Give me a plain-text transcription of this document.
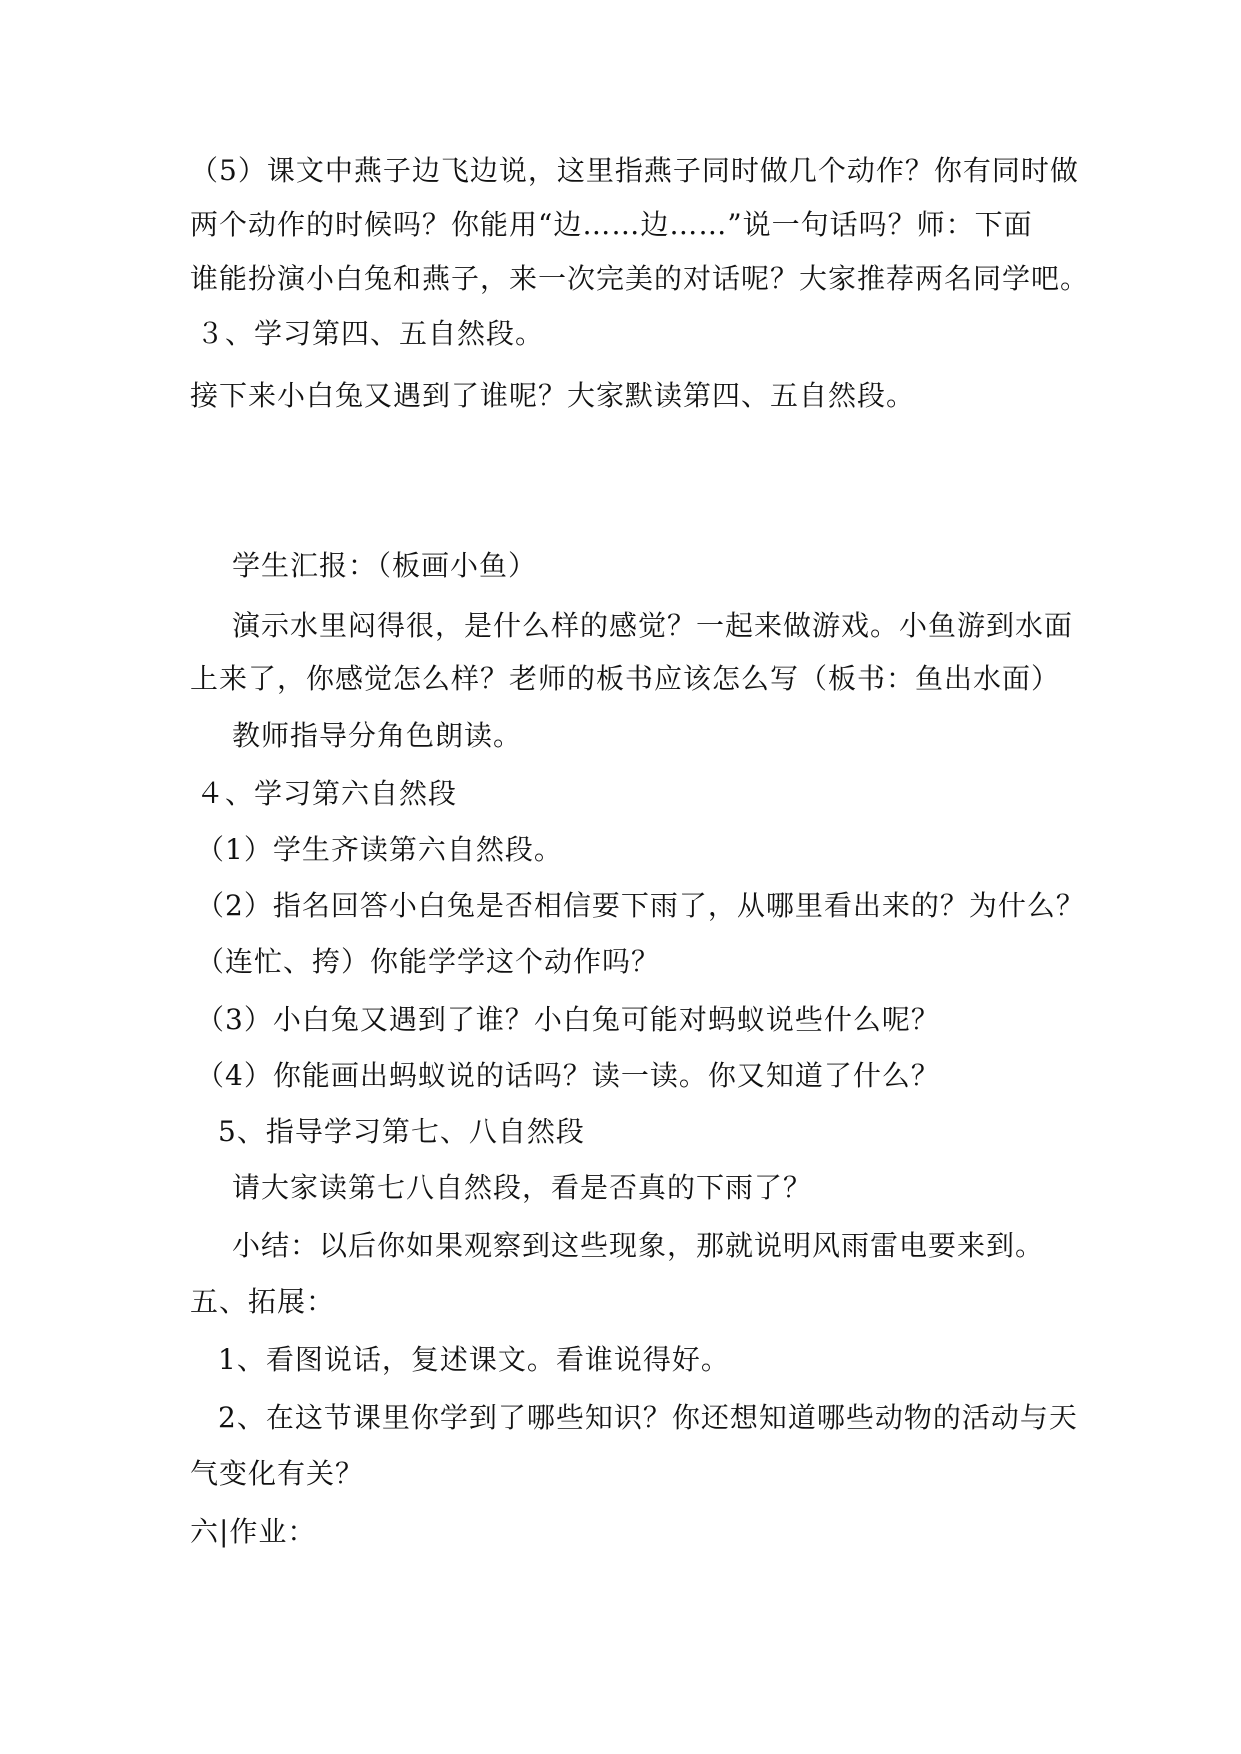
（5）课文中燕子边飞边说，这里指燕子同时做几个动作？你有同时做
两个动作的时候吗？你能用“边……边……”说一句话吗？师：下面
谁能扮演小白兔和燕子，来一次完美的对话呢？大家推荐两名同学吧。
３、学习第四、五自然段。
接下来小白兔又遇到了谁呢？大家默读第四、五自然段。
学生汇报：（板画小鱼）
演示水里闷得很，是什么样的感觉？一起来做游戏。小鱼游到水面
上来了，你感觉怎么样？老师的板书应该怎么写（板书：鱼出水面）
教师指导分角色朗读。
４、学习第六自然段
（1）学生齐读第六自然段。
（2）指名回答小白兔是否相信要下雨了，从哪里看出来的？为什么？
（连忙、挎）你能学学这个动作吗？
（3）小白兔又遇到了谁？小白兔可能对蚂蚁说些什么呢？
（4）你能画出蚂蚁说的话吗？读一读。你又知道了什么？
5、指导学习第七、八自然段
请大家读第七八自然段，看是否真的下雨了？
小结：以后你如果观察到这些现象，那就说明风雨雷电要来到。
五、拓展：
1、看图说话，复述课文。看谁说得好。
2、在这节课里你学到了哪些知识？你还想知道哪些动物的活动与天
气变化有关？
六|作业：
